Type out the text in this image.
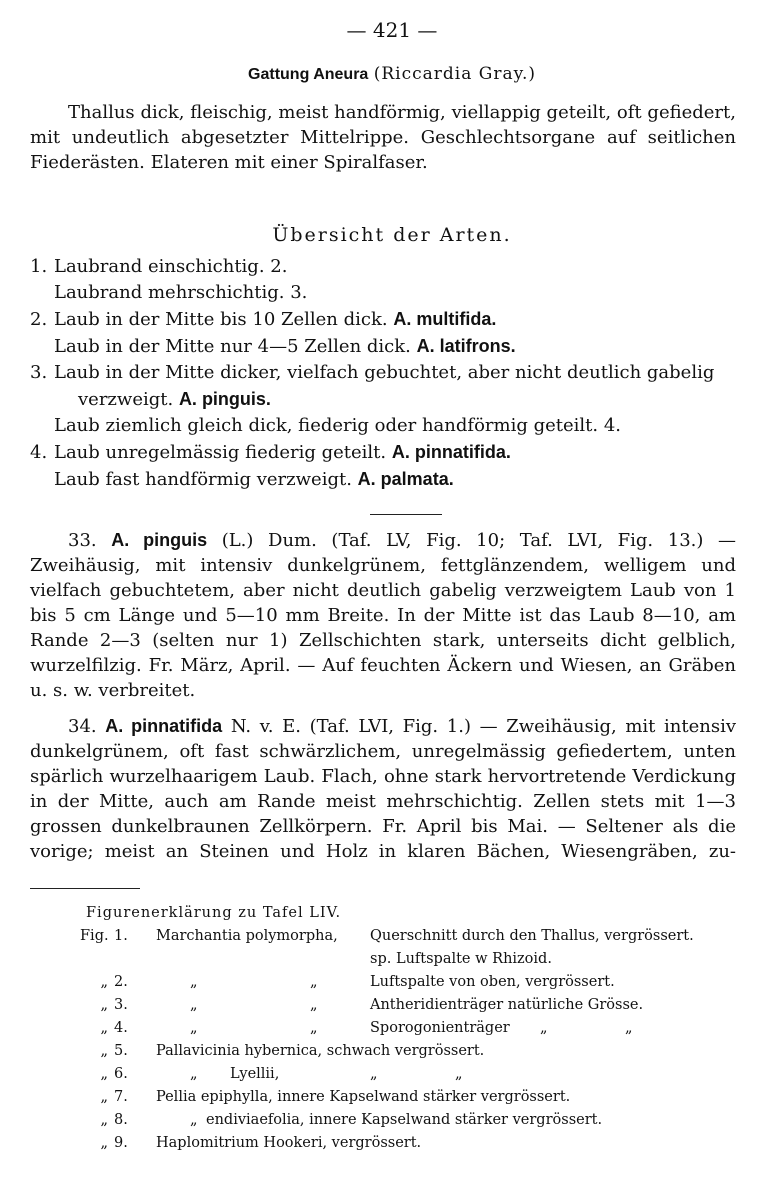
— 421 —
Gattung Aneura (Riccardia Gray.)
Thallus dick, fleischig, meist handförmig, viellappig geteilt, oft gefiedert, mit undeutlich abgesetzter Mittelrippe. Geschlechtsorgane auf seitlichen Fiederästen. Elateren mit einer Spiralfaser.
Übersicht der Arten.
1. Laubrand einschichtig. 2.
Laubrand mehrschichtig. 3.
2. Laub in der Mitte bis 10 Zellen dick. A. multifida.
Laub in der Mitte nur 4—5 Zellen dick. A. latifrons.
3. Laub in der Mitte dicker, vielfach gebuchtet, aber nicht deutlich gabelig
verzweigt. A. pinguis.
Laub ziemlich gleich dick, fiederig oder handförmig geteilt. 4.
4. Laub unregelmässig fiederig geteilt. A. pinnatifida.
Laub fast handförmig verzweigt. A. palmata.
33. A. pinguis (L.) Dum. (Taf. LV, Fig. 10; Taf. LVI, Fig. 13.) — Zweihäusig, mit intensiv dunkelgrünem, fettglänzendem, welligem und vielfach gebuchtetem, aber nicht deutlich gabelig verzweigtem Laub von 1 bis 5 cm Länge und 5—10 mm Breite. In der Mitte ist das Laub 8—10, am Rande 2—3 (selten nur 1) Zellschichten stark, unterseits dicht gelblich, wurzelfilzig. Fr. März, April. — Auf feuchten Äckern und Wiesen, an Gräben u. s. w. verbreitet.
34. A. pinnatifida N. v. E. (Taf. LVI, Fig. 1.) — Zweihäusig, mit intensiv dunkelgrünem, oft fast schwärzlichem, unregelmässig gefiedertem, unten spärlich wurzelhaarigem Laub. Flach, ohne stark hervortretende Verdickung in der Mitte, auch am Rande meist mehrschichtig. Zellen stets mit 1—3 grossen dunkelbraunen Zellkörpern. Fr. April bis Mai. — Seltener als die vorige; meist an Steinen und Holz in klaren Bächen, Wiesengräben, zu-
Figurenerklärung zu Tafel LIV.
Fig. 1. Marchantia polymorpha, Querschnitt durch den Thallus, vergrössert.
sp. Luftspalte w Rhizoid.
„ 2.	„	„	Luftspalte von oben, vergrössert.
„ 3.	„	„	Antheridienträger natürliche Grösse.
„ 4.	„	„	Sporogonienträger „	„
„ 5. Pallavicinia hybernica, schwach vergrössert.
„ 6.	„ Lyellii,	„	„
„ 7. Pellia epiphylla, innere Kapselwand stärker vergrössert.
„ 8.	„ endiviaefolia, innere Kapselwand stärker vergrössert.
„ 9. Haplomitrium Hookeri, vergrössert.
